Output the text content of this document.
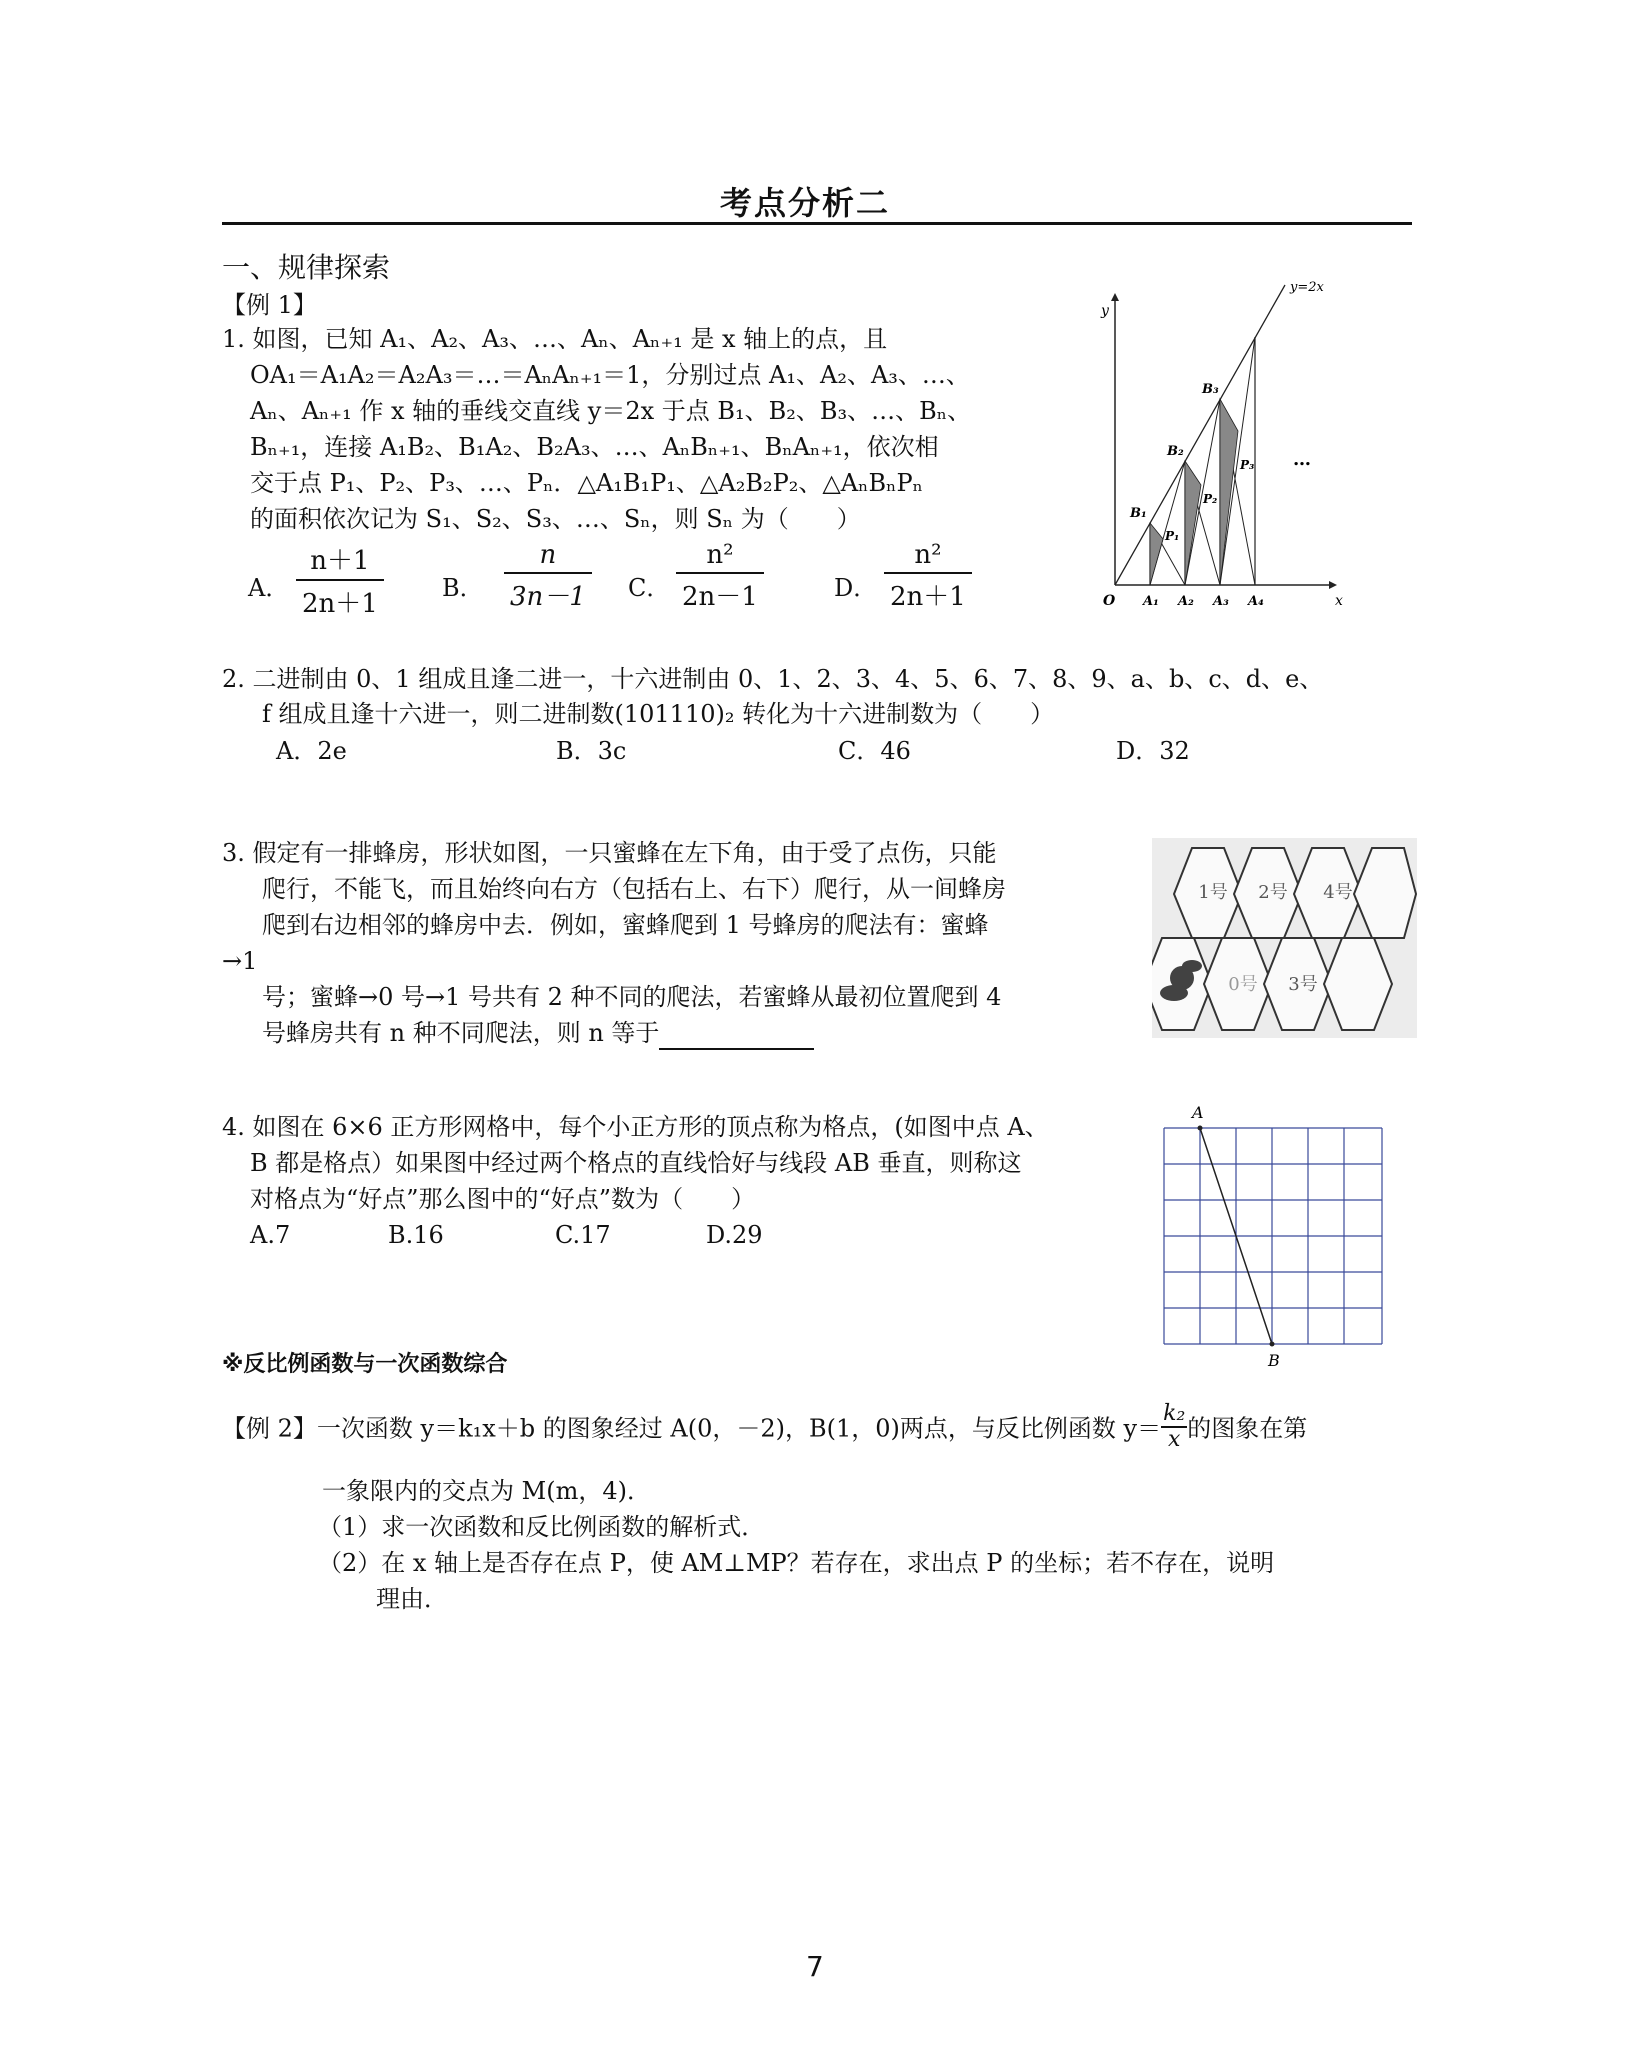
考点分析二
一、规律探索
【例 1】
1. 如图，已知 A₁、A₂、A₃、…、Aₙ、Aₙ₊₁ 是 x 轴上的点，且
OA₁＝A₁A₂＝A₂A₃＝…＝AₙAₙ₊₁＝1，分别过点 A₁、A₂、A₃、…、
Aₙ、Aₙ₊₁ 作 x 轴的垂线交直线 y＝2x 于点 B₁、B₂、B₃、…、Bₙ、
Bₙ₊₁，连接 A₁B₂、B₁A₂、B₂A₃、…、AₙBₙ₊₁、BₙAₙ₊₁，依次相
交于点 P₁、P₂、P₃、…、Pₙ．△A₁B₁P₁、△A₂B₂P₂、△AₙBₙPₙ
的面积依次记为 S₁、S₂、S₃、…、Sₙ，则 Sₙ 为（　　）
A．
n＋1
2n＋1
B．
n
3n－1 C．
n²
2n－1	D．
n²
2n＋1
y=2x
y
x
O A₁ A₂ A₃ A₄
B₁
B₂
B₃
P₁
P₂
P₃ …
2. 二进制由 0、1 组成且逢二进一，十六进制由 0、1、2、3、4、5、6、7、8、9、a、b、c、d、e、
f 组成且逢十六进一，则二进制数(101110)₂ 转化为十六进制数为（　　）
A．2e	B．3c	C．46	D．32
3. 假定有一排蜂房，形状如图，一只蜜蜂在左下角，由于受了点伤，只能
爬行，不能飞，而且始终向右方（包括右上、右下）爬行，从一间蜂房
爬到右边相邻的蜂房中去．例如，蜜蜂爬到 1 号蜂房的爬法有：蜜蜂
→1
号；蜜蜂→0 号→1 号共有 2 种不同的爬法，若蜜蜂从最初位置爬到 4
号蜂房共有 n 种不同爬法，则 n 等于
1号 2号 4号
0号 3号
4. 如图在 6×6 正方形网格中，每个小正方形的顶点称为格点，(如图中点 A、
B 都是格点）如果图中经过两个格点的直线恰好与线段 AB 垂直，则称这
对格点为“好点”那么图中的“好点”数为（　　）
A.7	B.16	C.17	D.29
A
B
※反比例函数与一次函数综合
【例 2】一次函数 y＝k₁x＋b 的图象经过 A(0，－2)，B(1，0)两点，与反比例函数 $y= \frac{\text{k₂}}{x}$ 的图象在第
一象限内的交点为 M(m，4)．
（1）求一次函数和反比例函数的解析式．
（2）在 x 轴上是否存在点 P，使 AM⊥MP？若存在，求出点 P 的坐标；若不存在，说明
理由．
7
